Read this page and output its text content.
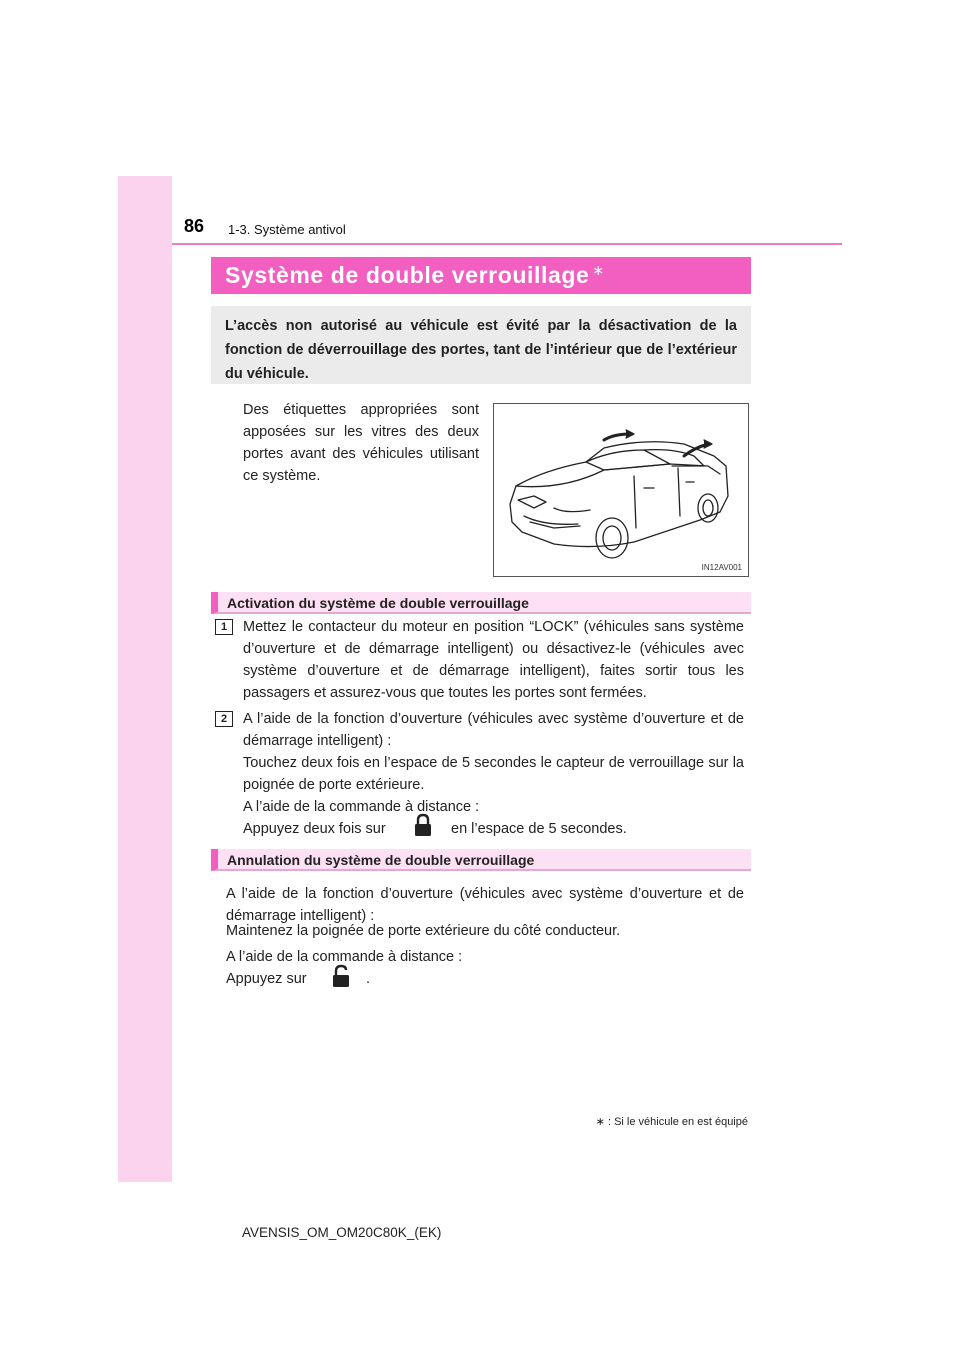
86 1-3. Système antivol
Système de double verrouillage ∗
L’accès non autorisé au véhicule est évité par la désactivation de la fonction de déverrouillage des portes, tant de l’intérieur que de l’extérieur du véhicule.
Des étiquettes appropriées sont apposées sur les vitres des deux portes avant des véhicules utilisant ce système.
IN12AV001
Activation du système de double verrouillage
1	Mettez le contacteur du moteur en position “LOCK” (véhicules sans système d’ouverture et de démarrage intelligent) ou désactivez-le (véhicules avec système d’ouverture et de démarrage intelligent), faites sortir tous les passagers et assurez-vous que toutes les portes sont fermées.
2	A l’aide de la fonction d’ouverture (véhicules avec système d’ouverture et de démarrage intelligent) :
Touchez deux fois en l’espace de 5 secondes le capteur de verrouillage sur la poignée de porte extérieure.
A l’aide de la commande à distance :
Appuyez deux fois sur	en l’espace de 5 secondes.
Annulation du système de double verrouillage
A l’aide de la fonction d’ouverture (véhicules avec système d’ouverture et de démarrage intelligent) :
Maintenez la poignée de porte extérieure du côté conducteur.
A l’aide de la commande à distance :
Appuyez sur	.
∗ : Si le véhicule en est équipé
AVENSIS_OM_OM20C80K_(EK)
